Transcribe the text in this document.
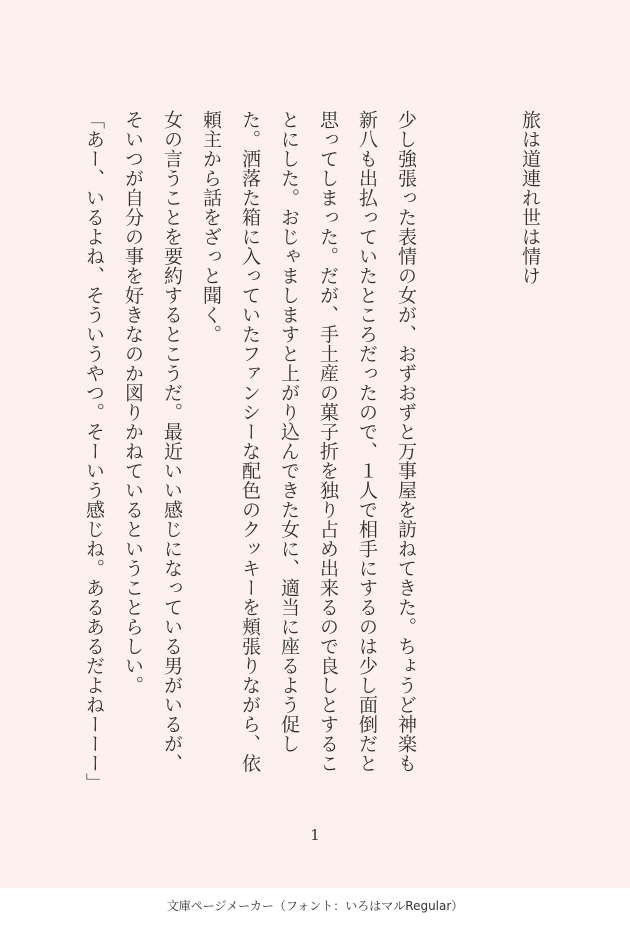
旅は道連れ世は情け

少し強張った表情の女が、おずおずと万事屋を訪ねてきた。ちょうど神楽も新八も出払っていたところだったので、１人で相手にするのは少し面倒だと思ってしまった。だが、手土産の菓子折を独り占め出来るので良しとすることにした。おじゃましますと上がり込んできた女に、適当に座るよう促した。洒落た箱に入っていたファンシーな配色のクッキーを頬張りながら、依頼主から話をざっと聞く。

女の言うことを要約するとこうだ。最近いい感じになっている男がいるが、そいつが自分の事を好きなのか図りかねているということらしい。

「あー、いるよね、そういうやつ。そーいう感じね。あるあるだよねーーー」

1
文庫ページメーカー（フォント：いろはマルRegular）
